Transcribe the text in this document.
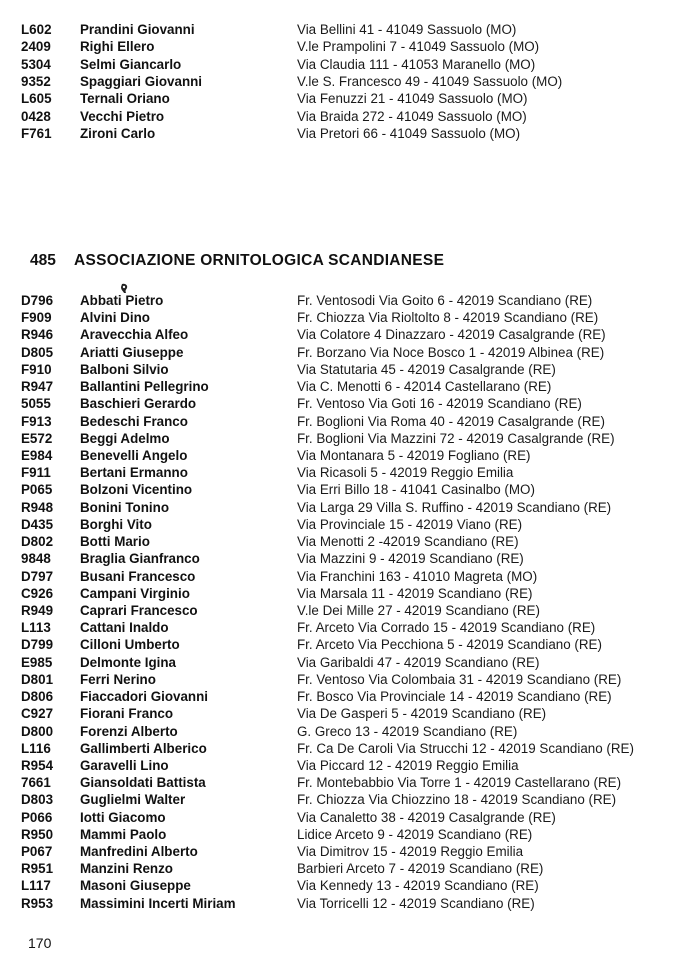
L602 Prandini Giovanni	Via Bellini 41 - 41049 Sassuolo (MO)
2409 Righi Ellero	V.le Prampolini 7 - 41049 Sassuolo (MO)
5304 Selmi Giancarlo	Via Claudia 111 - 41053 Maranello (MO)
9352 Spaggiari Giovanni	V.le S. Francesco 49 - 41049 Sassuolo (MO)
L605 Ternali Oriano	Via Fenuzzi 21 - 41049 Sassuolo (MO)
0428 Vecchi Pietro	Via Braida 272 - 41049 Sassuolo (MO)
F761 Zironi Carlo	Via Pretori 66 - 41049 Sassuolo (MO)
485 ASSOCIAZIONE ORNITOLOGICA SCANDIANESE
D796 Abbati Pietro	Fr. Ventosodi Via Goito 6 - 42019 Scandiano (RE)
F909 Alvini Dino	Fr. Chiozza Via Rioltolto 8 - 42019 Scandiano (RE)
R946 Aravecchia Alfeo	Via Colatore 4 Dinazzaro - 42019 Casalgrande (RE)
D805 Ariatti Giuseppe	Fr. Borzano Via Noce Bosco 1 - 42019 Albinea (RE)
F910 Balboni Silvio	Via Statutaria 45 - 42019 Casalgrande (RE)
R947 Ballantini Pellegrino	Via C. Menotti 6 - 42014 Castellarano (RE)
5055 Baschieri Gerardo	Fr. Ventoso Via Goti 16 - 42019 Scandiano (RE)
F913 Bedeschi Franco	Fr. Boglioni Via Roma 40 - 42019 Casalgrande (RE)
E572 Beggi Adelmo	Fr. Boglioni Via Mazzini 72 - 42019 Casalgrande (RE)
E984 Benevelli Angelo	Via Montanara 5 - 42019 Fogliano (RE)
F911 Bertani Ermanno	Via Ricasoli 5 - 42019 Reggio Emilia
P065 Bolzoni Vicentino	Via Erri Billo 18 - 41041 Casinalbo (MO)
R948 Bonini Tonino	Via Larga 29 Villa S. Ruffino - 42019 Scandiano (RE)
D435 Borghi Vito	Via Provinciale 15 - 42019 Viano (RE)
D802 Botti Mario	Via Menotti 2 -42019 Scandiano (RE)
9848 Braglia Gianfranco	Via Mazzini 9 - 42019 Scandiano (RE)
D797 Busani Francesco	Via Franchini 163 - 41010 Magreta (MO)
C926 Campani Virginio	Via Marsala 11 - 42019 Scandiano (RE)
R949 Caprari Francesco	V.le Dei Mille 27 - 42019 Scandiano (RE)
L113 Cattani Inaldo	Fr. Arceto Via Corrado 15 - 42019 Scandiano (RE)
D799 Cilloni Umberto	Fr. Arceto Via Pecchiona 5 - 42019 Scandiano (RE)
E985 Delmonte Igina	Via Garibaldi 47 - 42019 Scandiano (RE)
D801 Ferri Nerino	Fr. Ventoso Via Colombaia 31 - 42019 Scandiano (RE)
D806 Fiaccadori Giovanni	Fr. Bosco Via Provinciale 14 - 42019 Scandiano (RE)
C927 Fiorani Franco	Via De Gasperi 5 - 42019 Scandiano (RE)
D800 Forenzi Alberto	G. Greco 13 - 42019 Scandiano (RE)
L116 Gallimberti Alberico	Fr. Ca De Caroli Via Strucchi 12 - 42019 Scandiano (RE)
R954 Garavelli Lino	Via Piccard 12 - 42019 Reggio Emilia
7661 Giansoldati Battista	Fr. Montebabbio Via Torre 1 - 42019 Castellarano (RE)
D803 Guglielmi Walter	Fr. Chiozza Via Chiozzino 18 - 42019 Scandiano (RE)
P066 Iotti Giacomo	Via Canaletto 38 - 42019 Casalgrande (RE)
R950 Mammi Paolo	Lidice Arceto 9 - 42019 Scandiano (RE)
P067 Manfredini Alberto	Via Dimitrov 15 - 42019 Reggio Emilia
R951 Manzini Renzo	Barbieri Arceto 7 - 42019 Scandiano (RE)
L117 Masoni Giuseppe	Via Kennedy 13 - 42019 Scandiano (RE)
R953 Massimini Incerti Miriam	Via Torricelli 12 - 42019 Scandiano (RE)
170
